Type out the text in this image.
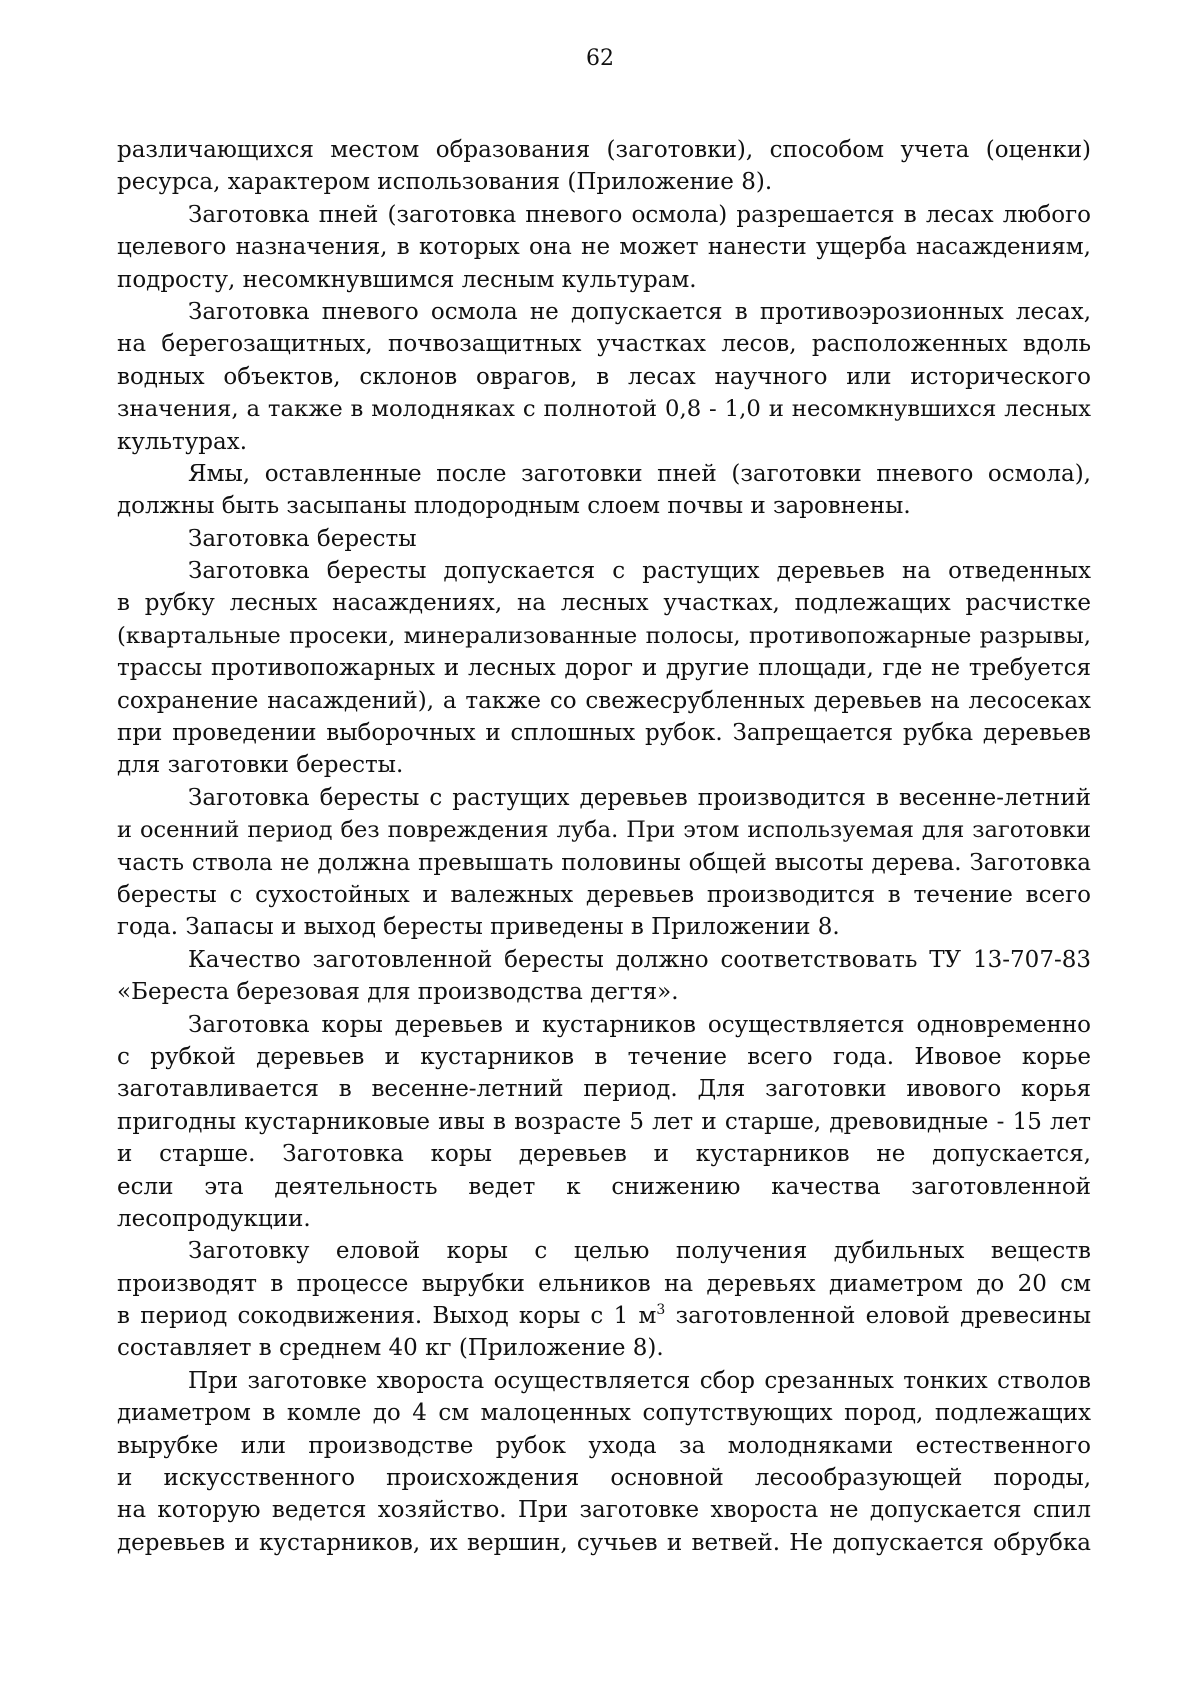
62
различающихся местом образования (заготовки), способом учета (оценки)
ресурса, характером использования (Приложение 8).
Заготовка пней (заготовка пневого осмола) разрешается в лесах любого
целевого назначения, в которых она не может нанести ущерба насаждениям,
подросту, несомкнувшимся лесным культурам.
Заготовка пневого осмола не допускается в противоэрозионных лесах,
на берегозащитных, почвозащитных участках лесов, расположенных вдоль
водных объектов, склонов оврагов, в лесах научного или исторического
значения, а также в молодняках с полнотой 0,8 - 1,0 и несомкнувшихся лесных
культурах.
Ямы, оставленные после заготовки пней (заготовки пневого осмола),
должны быть засыпаны плодородным слоем почвы и заровнены.
Заготовка бересты
Заготовка бересты допускается с растущих деревьев на отведенных
в рубку лесных насаждениях, на лесных участках, подлежащих расчистке
(квартальные просеки, минерализованные полосы, противопожарные разрывы,
трассы противопожарных и лесных дорог и другие площади, где не требуется
сохранение насаждений), а также со свежесрубленных деревьев на лесосеках
при проведении выборочных и сплошных рубок. Запрещается рубка деревьев
для заготовки бересты.
Заготовка бересты с растущих деревьев производится в весенне-летний
и осенний период без повреждения луба. При этом используемая для заготовки
часть ствола не должна превышать половины общей высоты дерева. Заготовка
бересты с сухостойных и валежных деревьев производится в течение всего
года. Запасы и выход бересты приведены в Приложении 8.
Качество заготовленной бересты должно соответствовать ТУ 13-707-83
«Береста березовая для производства дегтя».
Заготовка коры деревьев и кустарников осуществляется одновременно
с рубкой деревьев и кустарников в течение всего года. Ивовое корье
заготавливается в весенне-летний период. Для заготовки ивового корья
пригодны кустарниковые ивы в возрасте 5 лет и старше, древовидные - 15 лет
и старше. Заготовка коры деревьев и кустарников не допускается,
если эта деятельность ведет к снижению качества заготовленной
лесопродукции.
Заготовку еловой коры с целью получения дубильных веществ
производят в процессе вырубки ельников на деревьях диаметром до 20 см
в период сокодвижения. Выход коры с 1 $м^3$ заготовленной еловой древесины
составляет в среднем 40 кг (Приложение 8).
При заготовке хвороста осуществляется сбор срезанных тонких стволов
диаметром в комле до 4 см малоценных сопутствующих пород, подлежащих
вырубке или производстве рубок ухода за молодняками естественного
и искусственного происхождения основной лесообразующей породы,
на которую ведется хозяйство. При заготовке хвороста не допускается спил
деревьев и кустарников, их вершин, сучьев и ветвей. Не допускается обрубка
